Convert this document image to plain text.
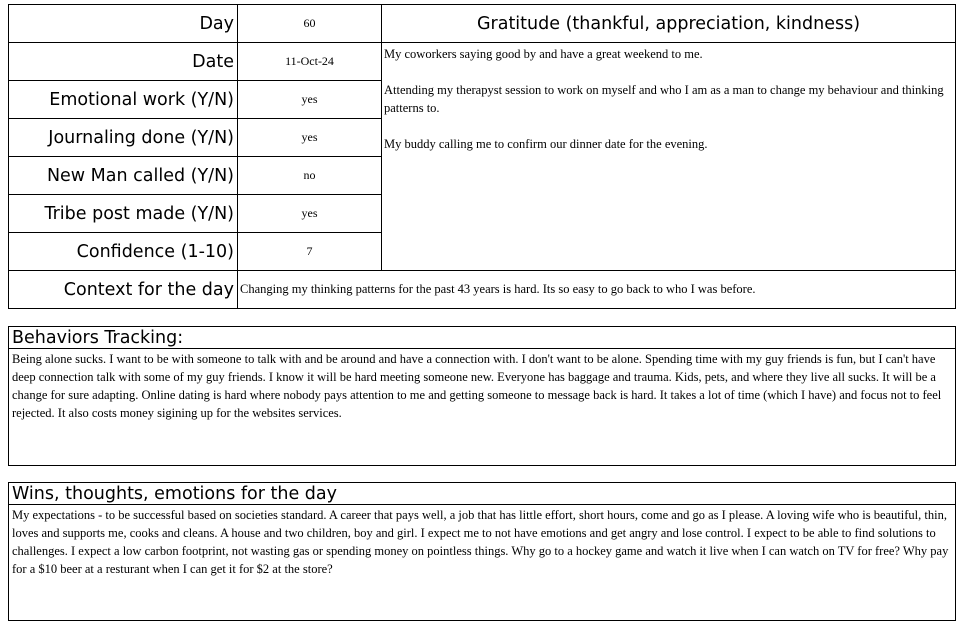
Day	60	Gratitude (thankful, appreciation, kindness)
Date	11-Oct-24	My coworkers saying good by and have a great weekend to me.

Attending my therapyst session to work on myself and who I am as a man to change my behaviour and thinking patterns to.

My buddy calling me to confirm our dinner date for the evening.

Emotional work (Y/N)	yes	
Journaling done (Y/N)	yes	
New Man called (Y/N)	no	
Tribe post made (Y/N)	yes	
Confidence (1-10)	7	
Context for the day	Changing my thinking patterns for the past 43 years is hard. Its so easy to go back to who I was before.	
Behaviors Tracking:
Being alone sucks. I want to be with someone to talk with and be around and have a connection with. I don't want to be alone. Spending time with my guy friends is fun, but I can't have deep connection talk with some of my guy friends. I know it will be hard meeting someone new. Everyone has baggage and trauma. Kids, pets, and where they live all sucks. It will be a change for sure adapting. Online dating is hard where nobody pays attention to me and getting someone to message back is hard. It takes a lot of time (which I have) and focus not to feel rejected. It also costs money sigining up for the websites services.
Wins, thoughts, emotions for the day
My expectations - to be successful based on societies standard. A career that pays well, a job that has little effort, short hours, come and go as I please. A loving wife who is beautiful, thin, loves and supports me, cooks and cleans. A house and two children, boy and girl. I expect me to not have emotions and get angry and lose control. I expect to be able to find solutions to challenges. I expect a low carbon footprint, not wasting gas or spending money on pointless things. Why go to a hockey game and watch it live when I can watch on TV for free? Why pay for a $10 beer at a resturant when I can get it for $2 at the store?
